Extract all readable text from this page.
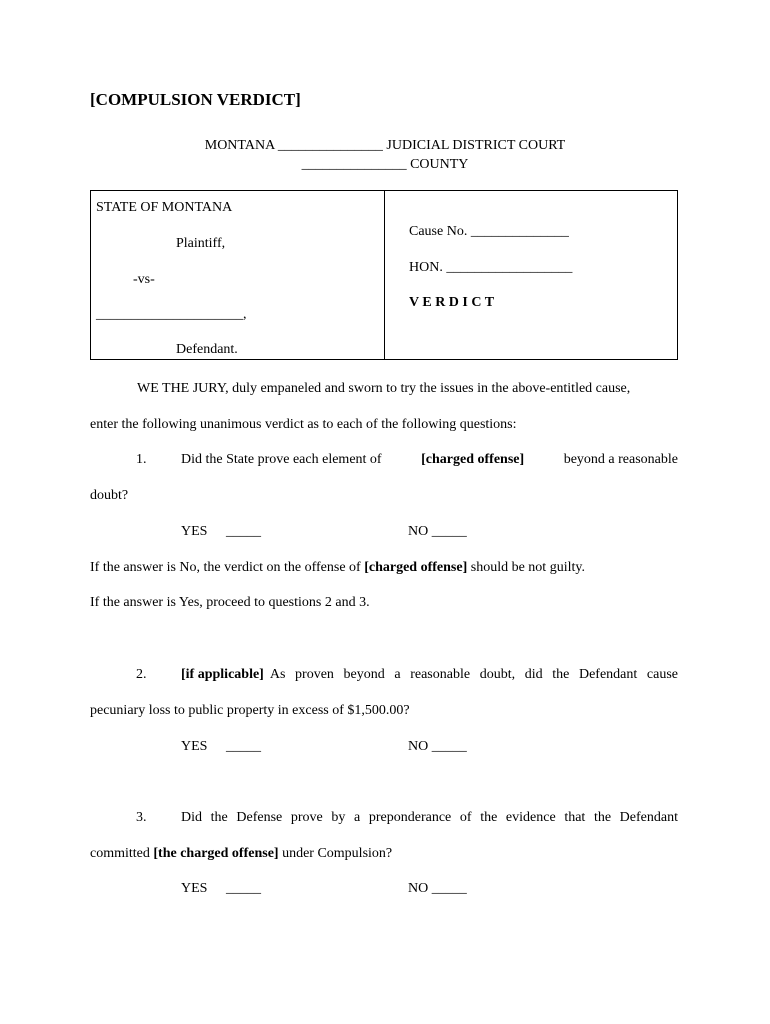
[COMPULSION VERDICT]
MONTANA _______________ JUDICIAL DISTRICT COURT
_______________ COUNTY
STATE OF MONTANA
Plaintiff,
-vs-
_____________________,
Defendant.
Cause No. ______________
HON. __________________
V E R D I C T
WE THE JURY, duly empaneled and sworn to try the issues in the above-entitled cause,
enter the following unanimous verdict as to each of the following questions:
1. Did the State prove each element of	[charged offense]	beyond a reasonable
doubt?
YES _____	NO _____
If the answer is No, the verdict on the offense of [charged offense] should be not guilty.
If the answer is Yes, proceed to questions 2 and 3.
2. [if applicable] As proven beyond a reasonable doubt, did the Defendant cause
pecuniary loss to public property in excess of $1,500.00?
YES _____	NO _____
3. Did the Defense prove by a preponderance of the evidence that the Defendant
committed [the charged offense] under Compulsion?
YES _____	NO _____
